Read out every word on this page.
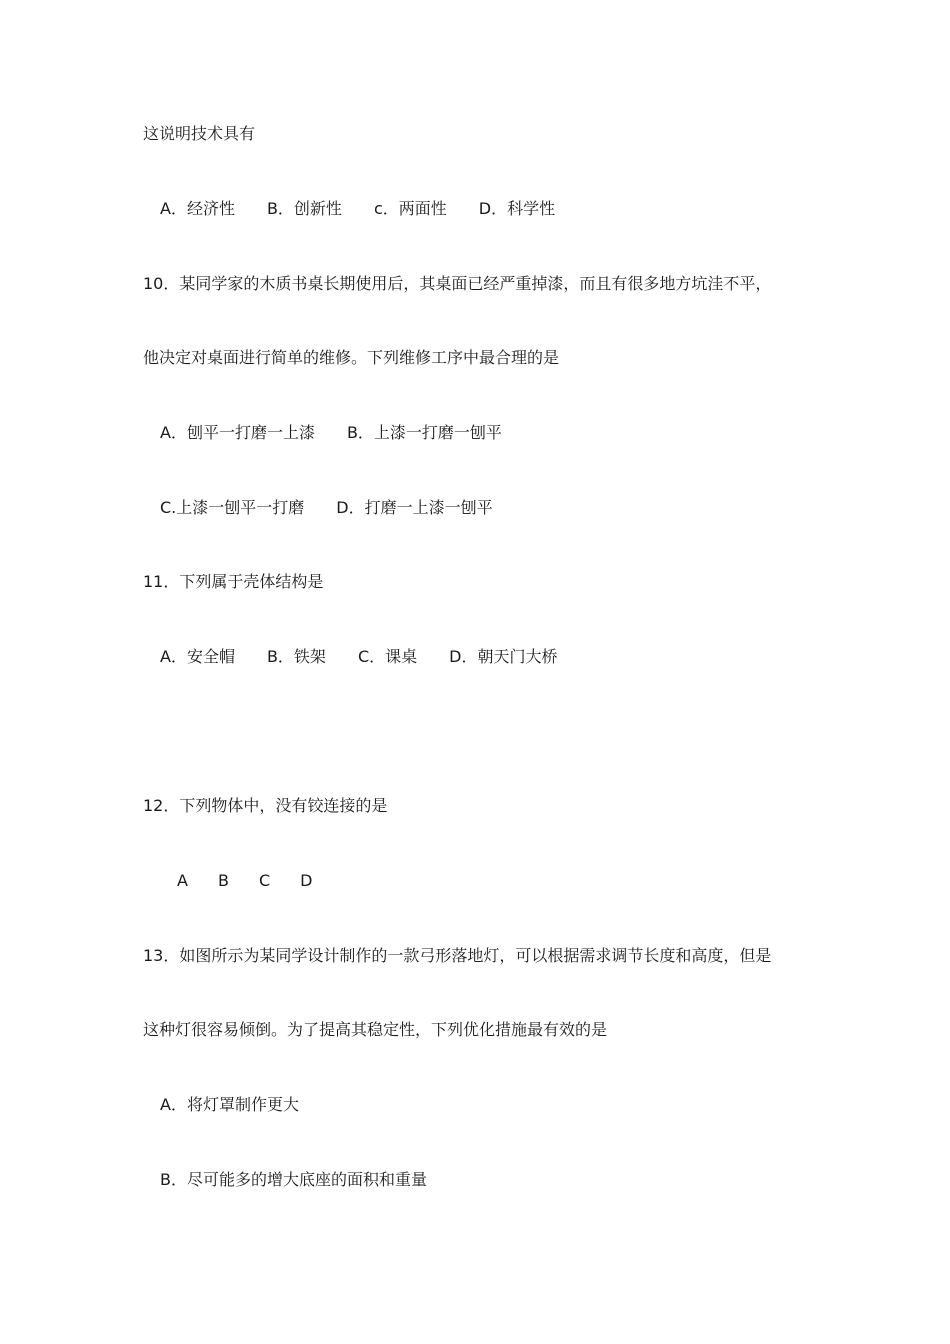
这说明技术具有
A．经济性 B．创新性 c．两面性 D．科学性
10．某同学家的木质书桌长期使用后，其桌面已经严重掉漆，而且有很多地方坑洼不平，
他决定对桌面进行简单的维修。下列维修工序中最合理的是
A．刨平一打磨一上漆 B．上漆一打磨一刨平
C.上漆一刨平一打磨 D．打磨一上漆一刨平
11．下列属于壳体结构是
A．安全帽 B．铁架 C．课桌 D．朝天门大桥
12．下列物体中，没有铰连接的是
A B C D
13．如图所示为某同学设计制作的一款弓形落地灯，可以根据需求调节长度和高度，但是
这种灯很容易倾倒。为了提高其稳定性，下列优化措施最有效的是
A．将灯罩制作更大
B．尽可能多的增大底座的面积和重量
